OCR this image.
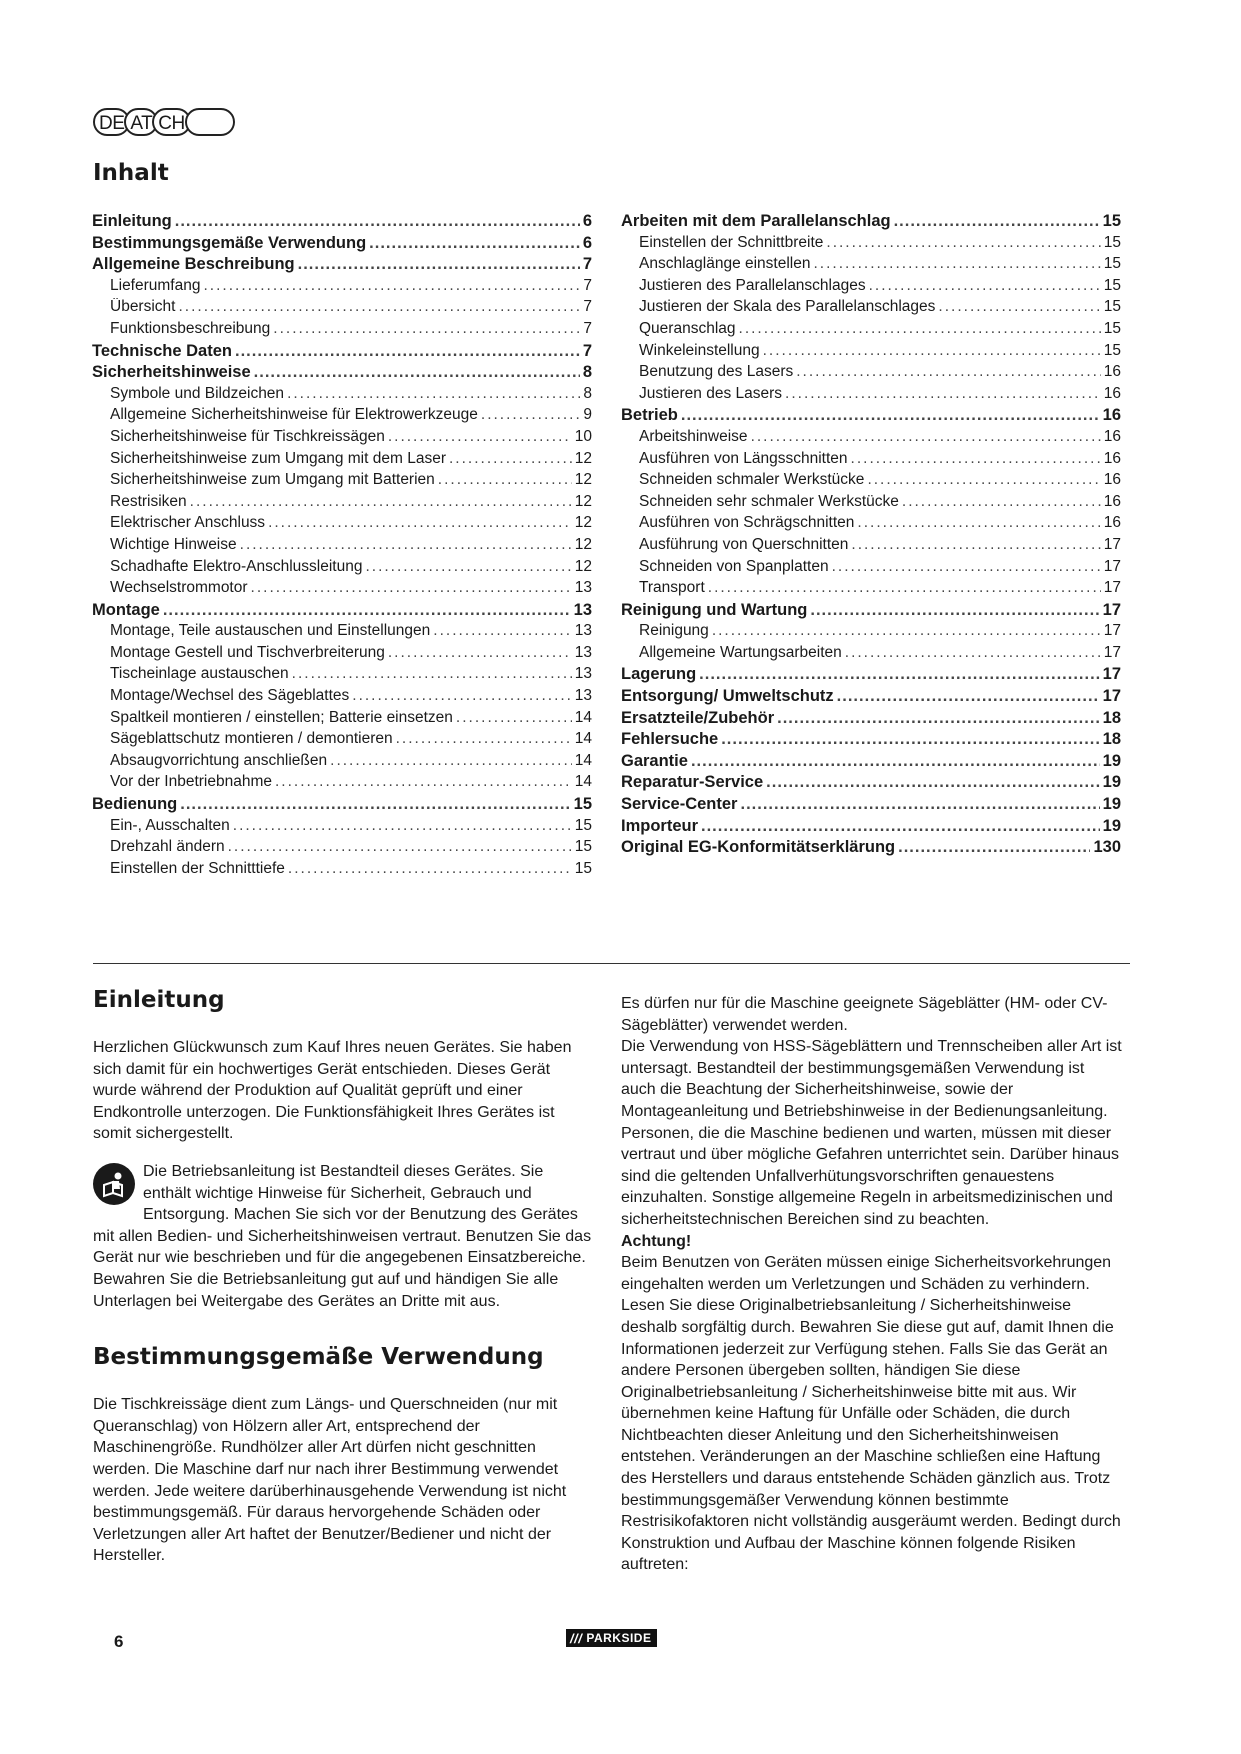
DE AT CH
Inhalt
Einleitung .....	6
Bestimmungsgemäße Verwendung .....	6
Allgemeine Beschreibung .....	7
Lieferumfang .....	7
Übersicht .....	7
Funktionsbeschreibung .....	7
Technische Daten .....	7
Sicherheitshinweise .....	8
Symbole und Bildzeichen .....	8
Allgemeine Sicherheitshinweise für Elektrowerkzeuge .....	9
Sicherheitshinweise für Tischkreissägen .....	10
Sicherheitshinweise zum Umgang mit dem Laser .....	12
Sicherheitshinweise zum Umgang mit Batterien .....	12
Restrisiken .....	12
Elektrischer Anschluss .....	12
Wichtige Hinweise .....	12
Schadhafte Elektro-Anschlussleitung .....	12
Wechselstrommotor .....	13
Montage .....	13
Montage, Teile austauschen und Einstellungen .....	13
Montage Gestell und Tischverbreiterung .....	13
Tischeinlage austauschen .....	13
Montage/Wechsel des Sägeblattes .....	13
Spaltkeil montieren / einstellen; Batterie einsetzen .....	14
Sägeblattschutz montieren / demontieren .....	14
Absaugvorrichtung anschließen .....	14
Vor der Inbetriebnahme .....	14
Bedienung .....	15
Ein-, Ausschalten .....	15
Drehzahl ändern .....	15
Einstellen der Schnitttiefe .....	15
Arbeiten mit dem Parallelanschlag .....	15
Einstellen der Schnittbreite .....	15
Anschlaglänge einstellen .....	15
Justieren des Parallelanschlages .....	15
Justieren der Skala des Parallelanschlages .....	15
Queranschlag .....	15
Winkeleinstellung .....	15
Benutzung des Lasers .....	16
Justieren des Lasers .....	16
Betrieb .....	16
Arbeitshinweise .....	16
Ausführen von Längsschnitten .....	16
Schneiden schmaler Werkstücke .....	16
Schneiden sehr schmaler Werkstücke .....	16
Ausführen von Schrägschnitten .....	16
Ausführung von Querschnitten .....	17
Schneiden von Spanplatten .....	17
Transport .....	17
Reinigung und Wartung .....	17
Reinigung .....	17
Allgemeine Wartungsarbeiten .....	17
Lagerung .....	17
Entsorgung/ Umweltschutz .....	17
Ersatzteile/Zubehör .....	18
Fehlersuche .....	18
Garantie .....	19
Reparatur-Service .....	19
Service-Center .....	19
Importeur .....	19
Original EG-Konformitätserklärung .....	130
Einleitung

Herzlichen Glückwunsch zum Kauf Ihres neuen Gerätes. Sie haben sich damit für ein hochwertiges Gerät entschieden. Dieses Gerät wurde während der Produktion auf Qualität geprüft und einer Endkontrolle unterzogen. Die Funktionsfähigkeit Ihres Gerätes ist somit sichergestellt.

Die Betriebsanleitung ist Bestandteil dieses Gerätes. Sie enthält wichtige Hinweise für Sicherheit, Gebrauch und Entsorgung. Machen Sie sich vor der Benutzung des Gerätes mit allen Bedien- und Sicherheitshinweisen vertraut. Benutzen Sie das Gerät nur wie beschrieben und für die angegebenen Einsatzbereiche. Bewahren Sie die Betriebsanleitung gut auf und händigen Sie alle Unterlagen bei Weitergabe des Gerätes an Dritte mit aus.

Bestimmungsgemäße Verwendung

Die Tischkreissäge dient zum Längs- und Querschneiden (nur mit Queranschlag) von Hölzern aller Art, entsprechend der Maschinengröße. Rundhölzer aller Art dürfen nicht geschnitten werden. Die Maschine darf nur nach ihrer Bestimmung verwendet werden. Jede weitere darüberhinausgehende Verwendung ist nicht bestimmungsgemäß. Für daraus hervorgehende Schäden oder Verletzungen aller Art haftet der Benutzer/Bediener und nicht der Hersteller.

Es dürfen nur für die Maschine geeignete Sägeblätter (HM- oder CV-Sägeblätter) verwendet werden.

Die Verwendung von HSS-Sägeblättern und Trennscheiben aller Art ist untersagt. Bestandteil der bestimmungsgemäßen Verwendung ist auch die Beachtung der Sicherheitshinweise, sowie der Montageanleitung und Betriebshinweise in der Bedienungsanleitung. Personen, die die Maschine bedienen und warten, müssen mit dieser vertraut und über mögliche Gefahren unterrichtet sein. Darüber hinaus sind die geltenden Unfallverhütungsvorschriften genauestens einzuhalten. Sonstige allgemeine Regeln in arbeitsmedizinischen und sicherheitstechnischen Bereichen sind zu beachten.

Achtung!

Beim Benutzen von Geräten müssen einige Sicherheitsvorkehrungen eingehalten werden um Verletzungen und Schäden zu verhindern. Lesen Sie diese Originalbetriebsanleitung / Sicherheitshinweise deshalb sorgfältig durch. Bewahren Sie diese gut auf, damit Ihnen die Informationen jederzeit zur Verfügung stehen. Falls Sie das Gerät an andere Personen übergeben sollten, händigen Sie diese Originalbetriebsanleitung / Sicherheitshinweise bitte mit aus. Wir übernehmen keine Haftung für Unfälle oder Schäden, die durch Nichtbeachten dieser Anleitung und den Sicherheitshinweisen entstehen. Veränderungen an der Maschine schließen eine Haftung des Herstellers und daraus entstehende Schäden gänzlich aus. Trotz bestimmungsgemäßer Verwendung können bestimmte Restrisikofaktoren nicht vollständig ausgeräumt werden. Bedingt durch Konstruktion und Aufbau der Maschine können folgende Risiken auftreten:

6	/// PARKSIDE
